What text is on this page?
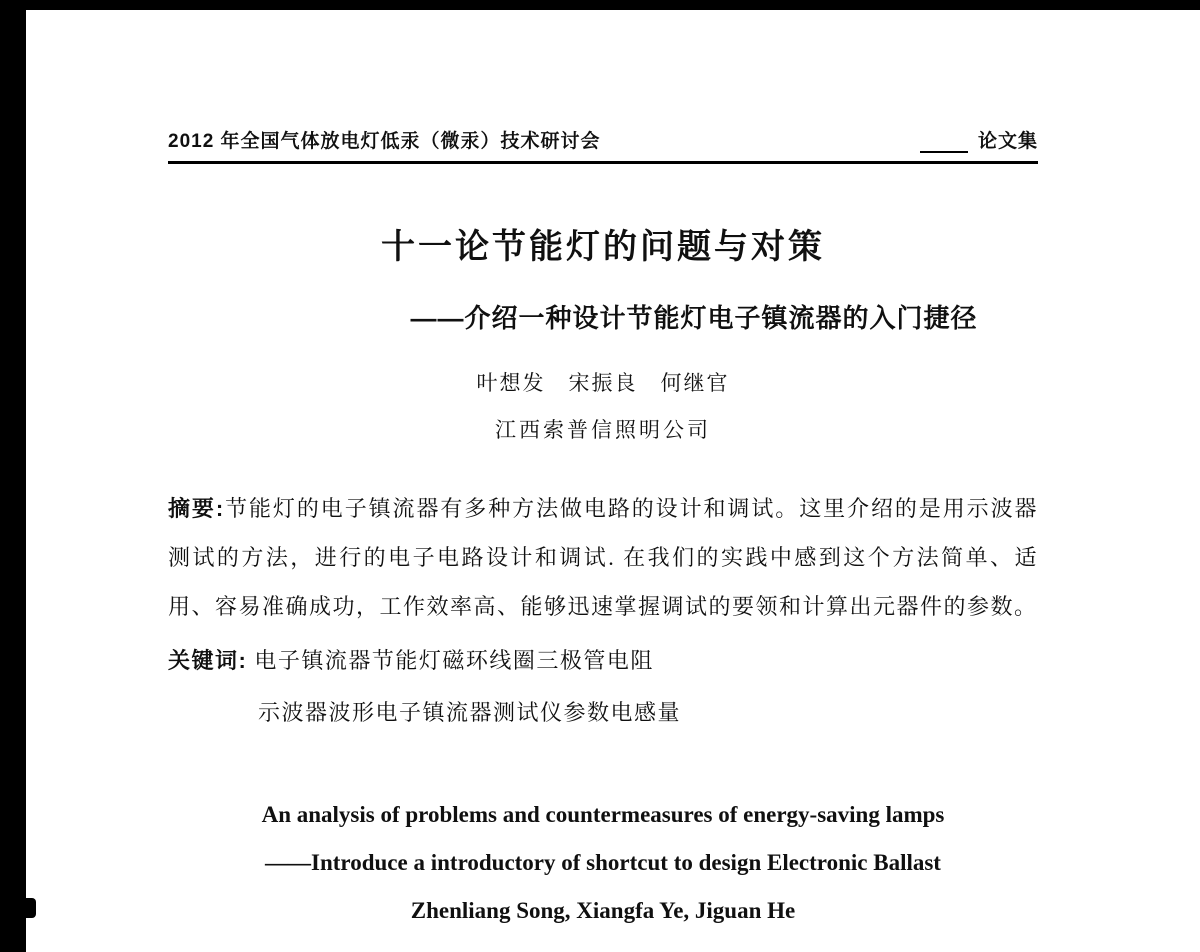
2012 年全国气体放电灯低汞（微汞）技术研讨会	论文集
十一论节能灯的问题与对策
——介绍一种设计节能灯电子镇流器的入门捷径
叶想发　宋振良　何继官
江西索普信照明公司

摘要:节能灯的电子镇流器有多种方法做电路的设计和调试。这里介绍的是用示波器测试的方法，进行的电子电路设计和调试. 在我们的实践中感到这个方法简单、适用、容易准确成功，工作效率高、能够迅速掌握调试的要领和计算出元器件的参数。

关键词: 电子镇流器节能灯磁环线圈三极管电阻
示波器波形电子镇流器测试仪参数电感量
An analysis of problems and countermeasures of energy-saving lamps
——Introduce a introductory of shortcut to design Electronic Ballast
Zhenliang Song, Xiangfa Ye, Jiguan He
